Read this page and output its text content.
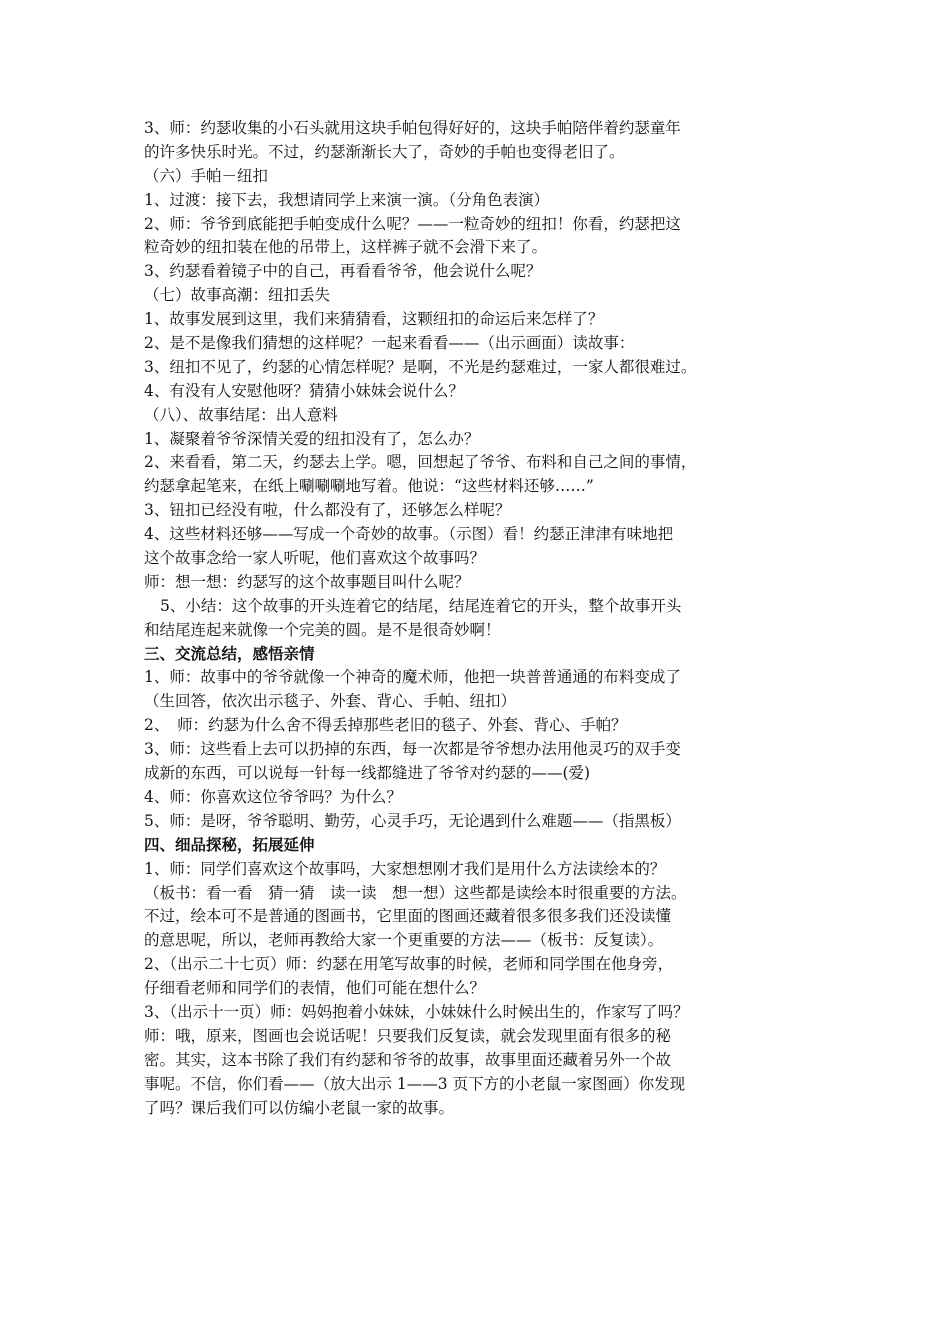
3、师：约瑟收集的小石头就用这块手帕包得好好的，这块手帕陪伴着约瑟童年
的许多快乐时光。不过，约瑟渐渐长大了，奇妙的手帕也变得老旧了。
（六）手帕－纽扣
1、过渡：接下去，我想请同学上来演一演。（分角色表演）
2、师：爷爷到底能把手帕变成什么呢？——一粒奇妙的纽扣！你看，约瑟把这
粒奇妙的纽扣装在他的吊带上，这样裤子就不会滑下来了。
3、约瑟看着镜子中的自己，再看看爷爷，他会说什么呢？
（七）故事高潮：纽扣丢失
1、故事发展到这里，我们来猜猜看，这颗纽扣的命运后来怎样了？
2、是不是像我们猜想的这样呢？一起来看看——（出示画面）读故事：
3、纽扣不见了，约瑟的心情怎样呢？是啊，不光是约瑟难过，一家人都很难过。
4、有没有人安慰他呀？猜猜小妹妹会说什么？
（八）、故事结尾：出人意料
1、凝聚着爷爷深情关爱的纽扣没有了，怎么办？
2、来看看，第二天，约瑟去上学。嗯，回想起了爷爷、布料和自己之间的事情，
约瑟拿起笔来，在纸上唰唰唰地写着。他说：“这些材料还够……”
3、钮扣已经没有啦，什么都没有了，还够怎么样呢？
4、这些材料还够——写成一个奇妙的故事。（示图）看！约瑟正津津有味地把
这个故事念给一家人听呢，他们喜欢这个故事吗？
师：想一想：约瑟写的这个故事题目叫什么呢？
5、小结：这个故事的开头连着它的结尾，结尾连着它的开头，整个故事开头
和结尾连起来就像一个完美的圆。是不是很奇妙啊！
三、交流总结，感悟亲情
1、师：故事中的爷爷就像一个神奇的魔术师，他把一块普普通通的布料变成了
（生回答，依次出示毯子、外套、背心、手帕、纽扣）
2、　师：约瑟为什么舍不得丢掉那些老旧的毯子、外套、背心、手帕？
3、师：这些看上去可以扔掉的东西，每一次都是爷爷想办法用他灵巧的双手变
成新的东西，可以说每一针每一线都缝进了爷爷对约瑟的——(爱)
4、师：你喜欢这位爷爷吗？为什么？
5、师：是呀，爷爷聪明、勤劳，心灵手巧，无论遇到什么难题——（指黑板）
四、细品探秘，拓展延伸
1、师：同学们喜欢这个故事吗，大家想想刚才我们是用什么方法读绘本的？
（板书：看一看　猜一猜　读一读　想一想）这些都是读绘本时很重要的方法。
不过，绘本可不是普通的图画书，它里面的图画还藏着很多很多我们还没读懂
的意思呢，所以，老师再教给大家一个更重要的方法——（板书：反复读）。
2、（出示二十七页）师：约瑟在用笔写故事的时候，老师和同学围在他身旁，
仔细看老师和同学们的表情，他们可能在想什么？
3、（出示十一页）师：妈妈抱着小妹妹，小妹妹什么时候出生的，作家写了吗？
师：哦，原来，图画也会说话呢！只要我们反复读，就会发现里面有很多的秘
密。其实，这本书除了我们有约瑟和爷爷的故事，故事里面还藏着另外一个故
事呢。不信，你们看——（放大出示 1——3 页下方的小老鼠一家图画）你发现
了吗？课后我们可以仿编小老鼠一家的故事。
